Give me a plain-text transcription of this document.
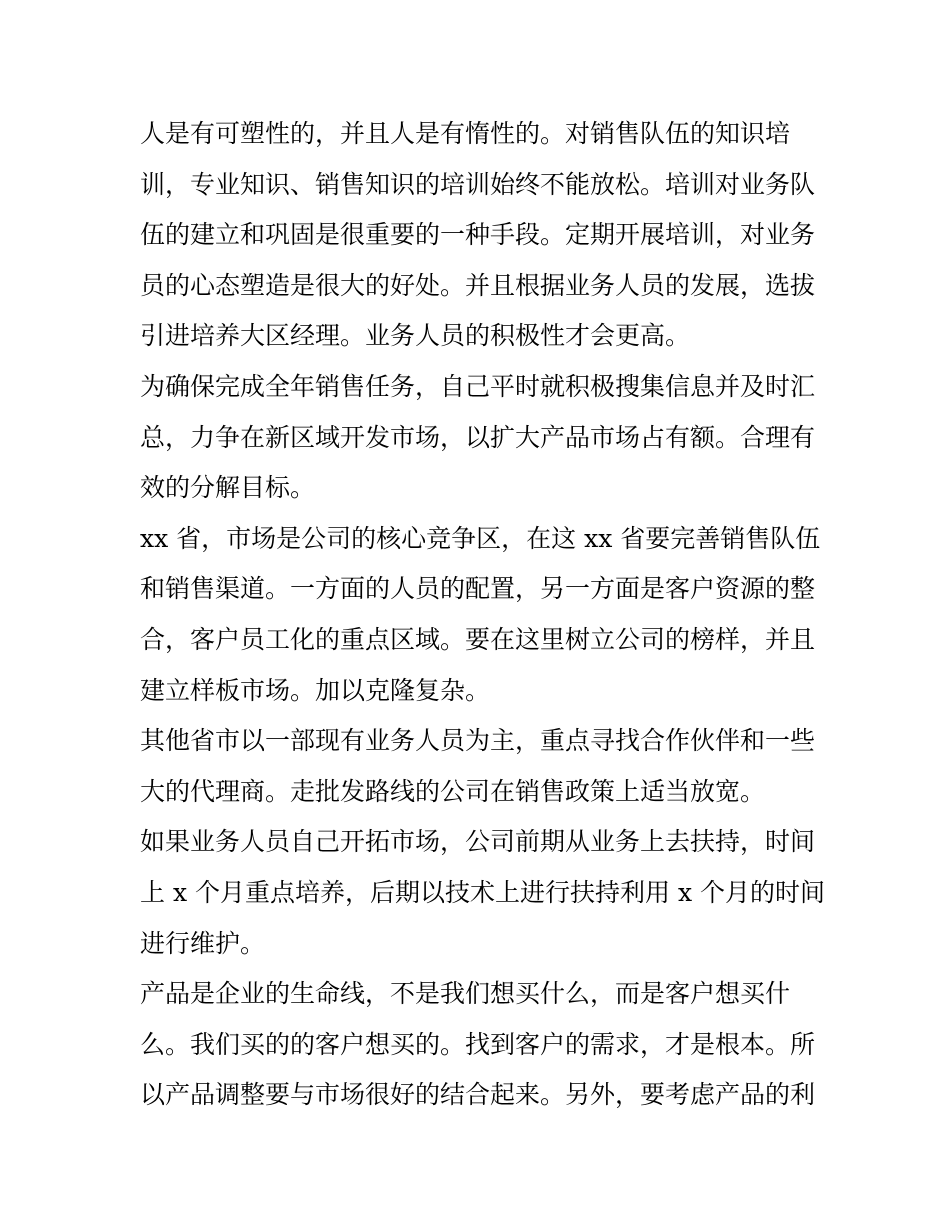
人是有可塑性的，并且人是有惰性的。对销售队伍的知识培
训，专业知识、销售知识的培训始终不能放松。培训对业务队
伍的建立和巩固是很重要的一种手段。定期开展培训，对业务
员的心态塑造是很大的好处。并且根据业务人员的发展，选拔
引进培养大区经理。业务人员的积极性才会更高。
为确保完成全年销售任务，自己平时就积极搜集信息并及时汇
总，力争在新区域开发市场，以扩大产品市场占有额。合理有
效的分解目标。
xx 省，市场是公司的核心竞争区，在这 xx 省要完善销售队伍
和销售渠道。一方面的人员的配置，另一方面是客户资源的整
合，客户员工化的重点区域。要在这里树立公司的榜样，并且
建立样板市场。加以克隆复杂。
其他省市以一部现有业务人员为主，重点寻找合作伙伴和一些
大的代理商。走批发路线的公司在销售政策上适当放宽。
如果业务人员自己开拓市场，公司前期从业务上去扶持，时间
上 x 个月重点培养，后期以技术上进行扶持利用 x 个月的时间
进行维护。
产品是企业的生命线，不是我们想买什么，而是客户想买什
么。我们买的的客户想买的。找到客户的需求，才是根本。所
以产品调整要与市场很好的结合起来。另外，要考虑产品的利
